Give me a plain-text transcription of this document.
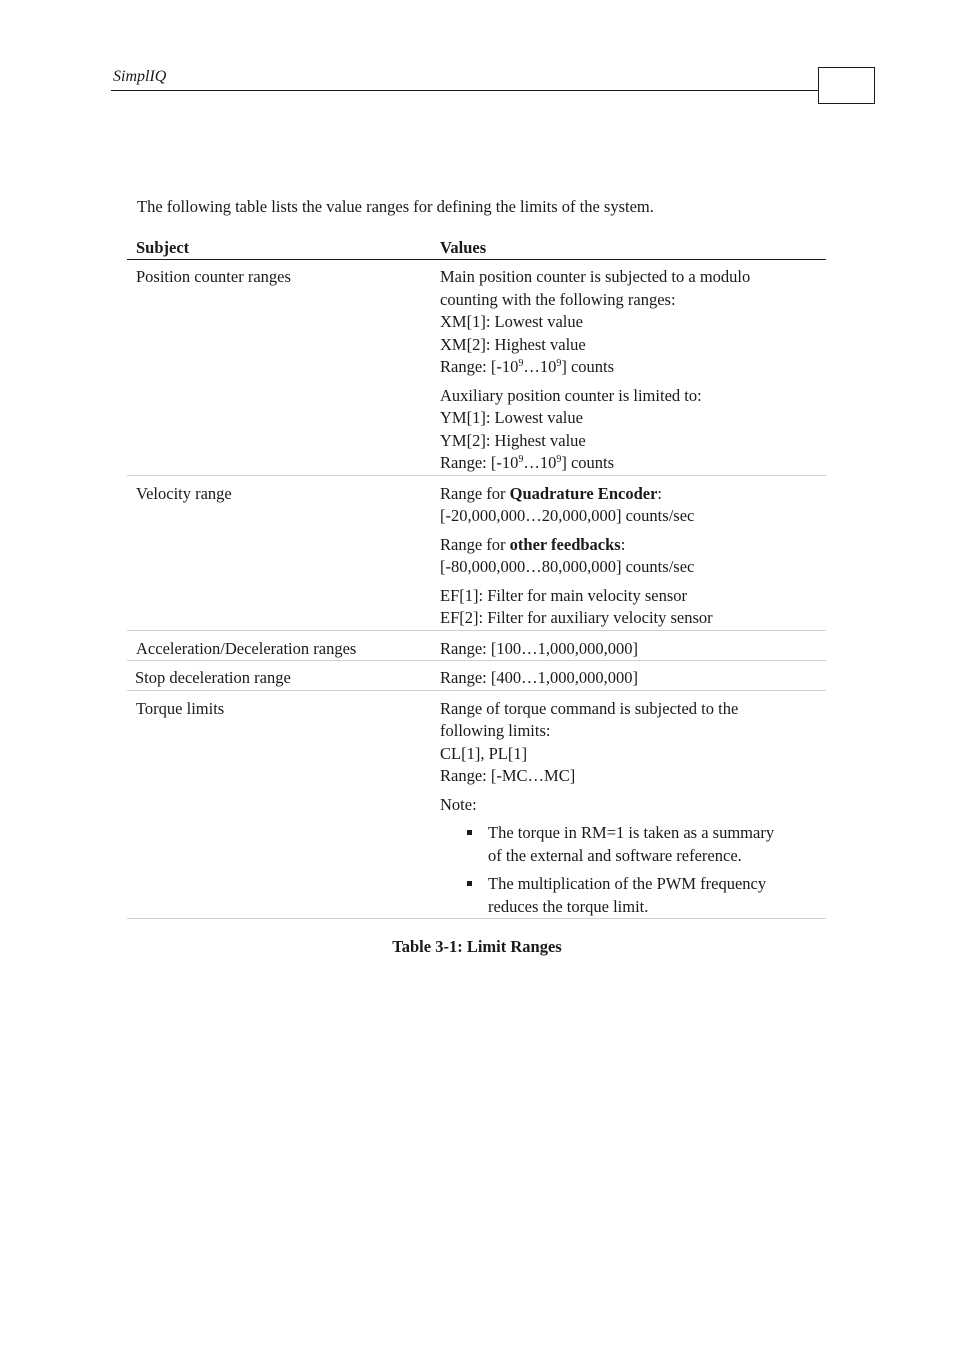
SimplIQ
The following table lists the value ranges for defining the limits of the system.
Subject	Values
Position counter ranges	Main position counter is subjected to a modulo
counting with the following ranges:
XM[1]: Lowest value
XM[2]: Highest value
Range: $[-10^9\dots 10^9]$ counts
Auxiliary position counter is limited to:
YM[1]: Lowest value
YM[2]: Highest value
Range: $[-10^9\dots 10^9]$ counts
Velocity range	Range for Quadrature Encoder:
[-20,000,000…20,000,000] counts/sec
Range for other feedbacks:
[-80,000,000…80,000,000] counts/sec
EF[1]: Filter for main velocity sensor
EF[2]: Filter for auxiliary velocity sensor
Acceleration/Deceleration ranges	Range: [100…1,000,000,000]
Stop deceleration range	Range: [400…1,000,000,000]
Torque limits	Range of torque command is subjected to the
following limits:
CL[1], PL[1]
Range: [-MC…MC]
Note:
The torque in RM=1 is taken as a summary
of the external and software reference.
The multiplication of the PWM frequency
reduces the torque limit.
Table 3-1: Limit Ranges
